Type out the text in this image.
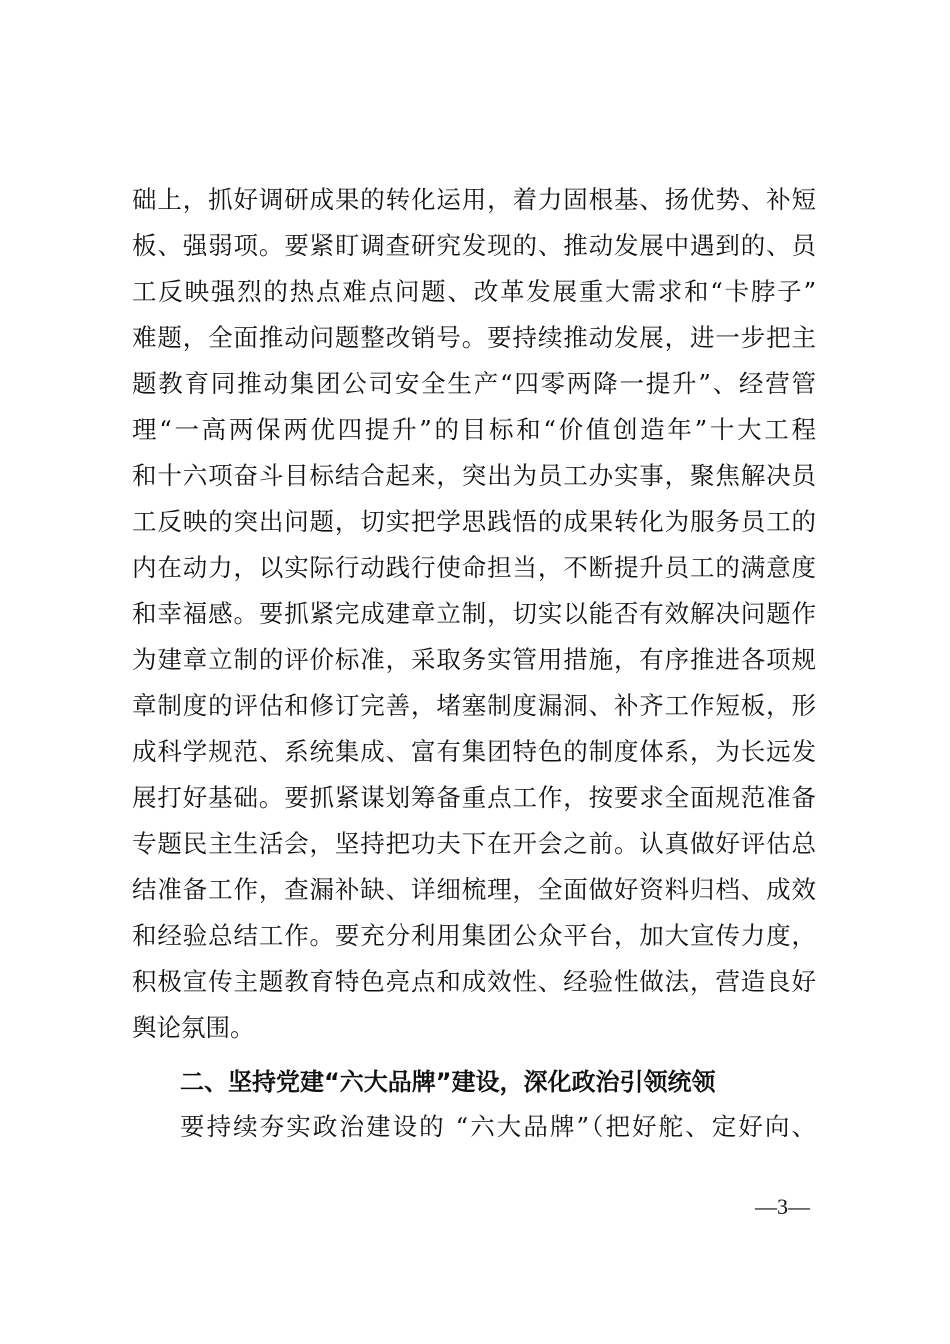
础上，抓好调研成果的转化运用，着力固根基、扬优势、补短
板、强弱项。要紧盯调查研究发现的、推动发展中遇到的、员
工反映强烈的热点难点问题、改革发展重大需求和“卡脖子”
难题，全面推动问题整改销号。要持续推动发展，进一步把主
题教育同推动集团公司安全生产“四零两降一提升”、经营管
理“一高两保两优四提升”的目标和“价值创造年”十大工程
和十六项奋斗目标结合起来，突出为员工办实事，聚焦解决员
工反映的突出问题，切实把学思践悟的成果转化为服务员工的
内在动力，以实际行动践行使命担当，不断提升员工的满意度
和幸福感。要抓紧完成建章立制，切实以能否有效解决问题作
为建章立制的评价标准，采取务实管用措施，有序推进各项规
章制度的评估和修订完善，堵塞制度漏洞、补齐工作短板，形
成科学规范、系统集成、富有集团特色的制度体系，为长远发
展打好基础。要抓紧谋划筹备重点工作，按要求全面规范准备
专题民主生活会，坚持把功夫下在开会之前。认真做好评估总
结准备工作，查漏补缺、详细梳理，全面做好资料归档、成效
和经验总结工作。要充分利用集团公众平台，加大宣传力度，
积极宣传主题教育特色亮点和成效性、经验性做法，营造良好
舆论氛围。
二、坚持党建“六大品牌”建设，深化政治引领统领
要持续夯实政治建设的 “六大品牌”（把好舵、定好向、
—3—
